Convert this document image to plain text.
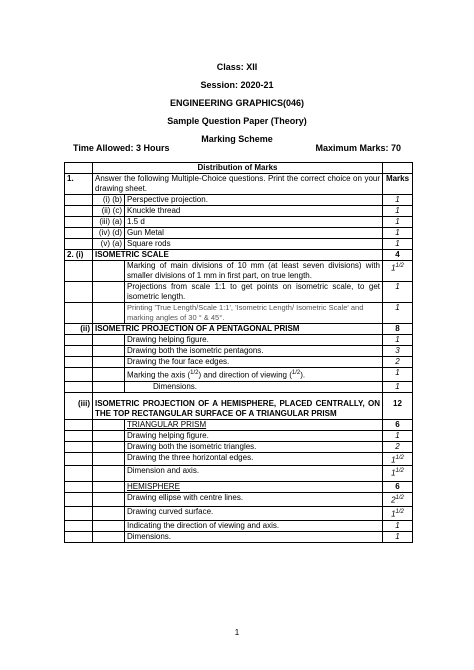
Class: XII
Session: 2020-21
ENGINEERING GRAPHICS(046)
Sample Question Paper (Theory)
Marking Scheme
Time Allowed: 3 Hours	Maximum Marks: 70
	Distribution of Marks		
1.	Answer the following Multiple-Choice questions. Print the correct choice on your drawing sheet.		Marks
	(i) (b)	Perspective projection.	1
	(ii) (c)	Knuckle thread	1
	(iii) (a)	1.5 d	1
	(iv) (d)	Gun Metal	1
	(v) (a)	Square rods	1
2. (i)	ISOMETRIC SCALE		4
		Marking of main divisions of 10 mm (at least seven divisions) with smaller divisions of 1 mm in first part, on true length.	$1^{1/2}$
		Projections from scale 1:1 to get points on isometric scale, to get isometric length.	1
		Printing 'True Length/Scale 1:1', 'Isometric Length/ Isometric Scale' and marking angles of 30 ° & 45°.	1
(ii)	ISOMETRIC PROJECTION OF A PENTAGONAL PRISM		8
		Drawing helping figure.	1
		Drawing both the isometric pentagons.	3
		Drawing the four face edges.	2
		Marking the axis ($^{1/2}$) and direction of viewing ($^{1/2}$).	1
		Dimensions.	1
(iii)	ISOMETRIC PROJECTION OF A HEMISPHERE, PLACED CENTRALLY, ON THE TOP RECTANGULAR SURFACE OF A TRIANGULAR PRISM		12
		TRIANGULAR PRISM	6
		Drawing helping figure.	1
		Drawing both the isometric triangles.	2
		Drawing the three horizontal edges.	$1^{1/2}$
		Dimension and axis.	$1^{1/2}$
		HEMISPHERE	6
		Drawing ellipse with centre lines.	$2^{1/2}$
		Drawing curved surface.	$1^{1/2}$
		Indicating the direction of viewing and axis.	1
		Dimensions.	1
1
